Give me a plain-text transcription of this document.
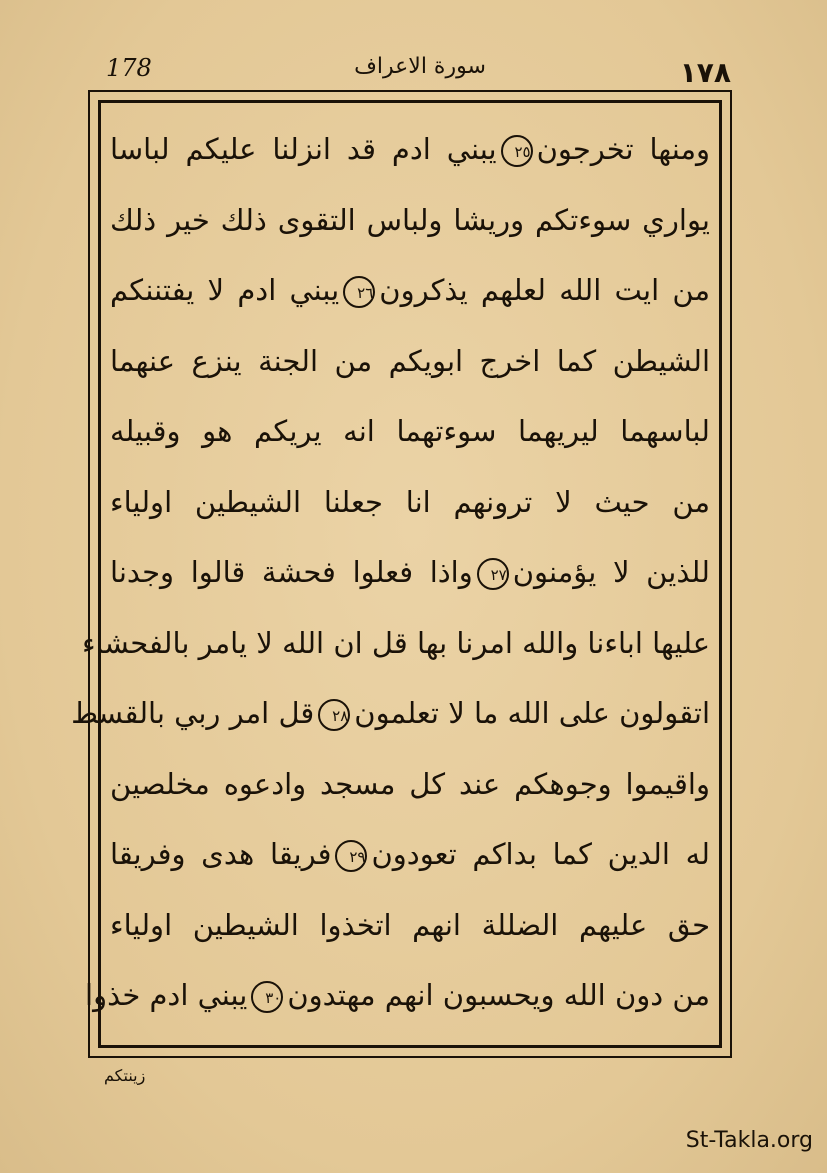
178	سورة الاعراف	١٧٨
ومنها تخرجون٢٥يبني ادم قد انزلنا عليكم لباسا
يواري سوءتكم وريشا ولباس التقوى ذلك خير ذلك
من ايت الله لعلهم يذكرون٢٦يبني ادم لا يفتننكم
الشيطن كما اخرج ابويكم من الجنة ينزع عنهما
لباسهما ليريهما سوءتهما انه يريكم هو وقبيله
من حيث لا ترونهم انا جعلنا الشيطين اولياء
للذين لا يؤمنون٢٧واذا فعلوا فحشة قالوا وجدنا
عليها اباءنا والله امرنا بها قل ان الله لا يامر بالفحشاء
اتقولون على الله ما لا تعلمون٢٨قل امر ربي بالقسط
واقيموا وجوهكم عند كل مسجد وادعوه مخلصين
له الدين كما بداكم تعودون٢٩فريقا هدى وفريقا
حق عليهم الضللة انهم اتخذوا الشيطين اولياء
من دون الله ويحسبون انهم مهتدون٣٠يبني ادم خذوا
زينتكم
St-Takla.org
